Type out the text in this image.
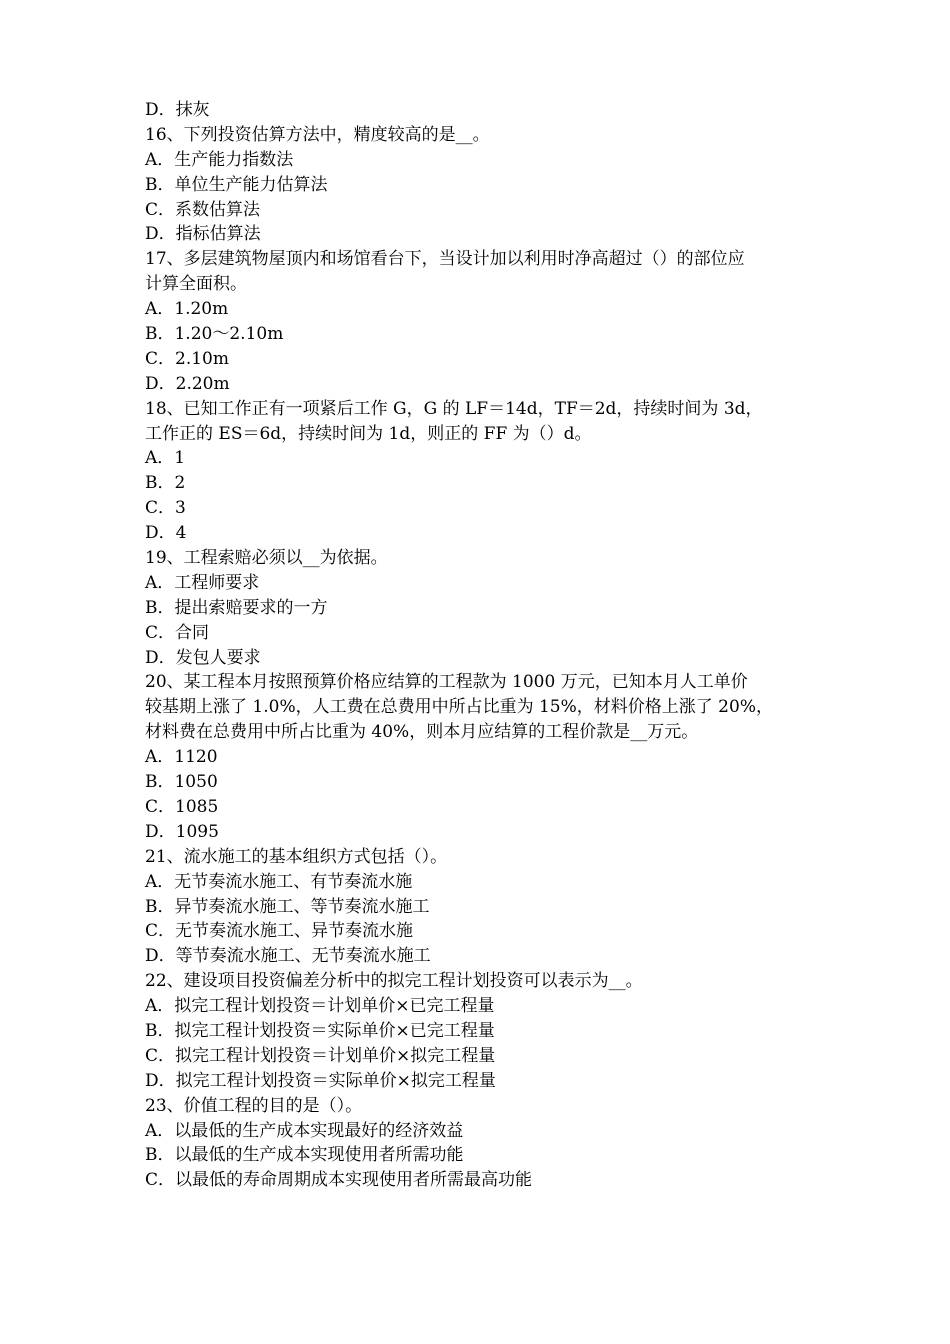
D．抹灰
16、下列投资估算方法中，精度较高的是__。
A．生产能力指数法
B．单位生产能力估算法
C．系数估算法
D．指标估算法
17、多层建筑物屋顶内和场馆看台下，当设计加以利用时净高超过（）的部位应
计算全面积。
A．1.20m
B．1.20～2.10m
C．2.10m
D．2.20m
18、已知工作正有一项紧后工作 G，G 的 LF＝14d，TF＝2d，持续时间为 3d，
工作正的 ES＝6d，持续时间为 1d，则正的 FF 为（）d。
A．1
B．2
C．3
D．4
19、工程索赔必须以__为依据。
A．工程师要求
B．提出索赔要求的一方
C．合同
D．发包人要求
20、某工程本月按照预算价格应结算的工程款为 1000 万元，已知本月人工单价
较基期上涨了 1.0%，人工费在总费用中所占比重为 15%，材料价格上涨了 20%，
材料费在总费用中所占比重为 40%，则本月应结算的工程价款是__万元。
A．1120
B．1050
C．1085
D．1095
21、流水施工的基本组织方式包括（）。
A．无节奏流水施工、有节奏流水施
B．异节奏流水施工、等节奏流水施工
C．无节奏流水施工、异节奏流水施
D．等节奏流水施工、无节奏流水施工
22、建设项目投资偏差分析中的拟完工程计划投资可以表示为__。
A．拟完工程计划投资＝计划单价×已完工程量
B．拟完工程计划投资＝实际单价×已完工程量
C．拟完工程计划投资＝计划单价×拟完工程量
D．拟完工程计划投资＝实际单价×拟完工程量
23、价值工程的目的是（）。
A．以最低的生产成本实现最好的经济效益
B．以最低的生产成本实现使用者所需功能
C．以最低的寿命周期成本实现使用者所需最高功能
